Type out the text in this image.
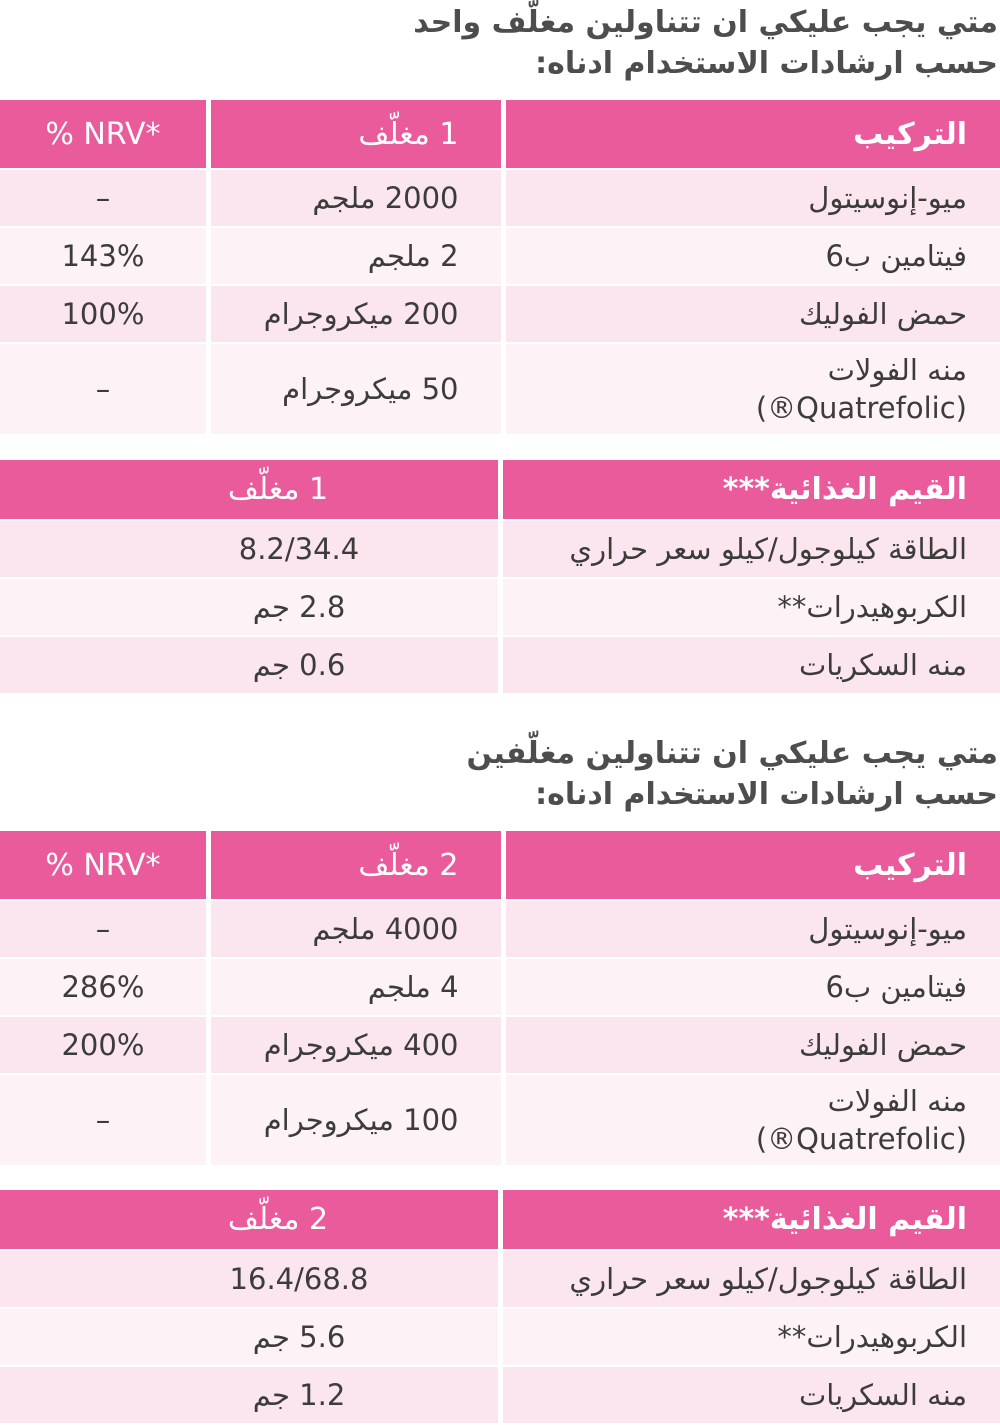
متي يجب عليكي ان تتناولين مغلّف واحد
حسب ارشادات الاستخدام ادناه:
التركيب
1 مغلّف
% NRV*
ميو-إنوسيتول
2000 ملجم
–
فيتامين ب6
2 ملجم
143%
حمض الفوليك
200 ميكروجرام
100%
منه الفولات
(Quatrefolic®)
50 ميكروجرام
–
القيم الغذائية***
1 مغلّف
الطاقة كيلوجول/كيلو سعر حراري
8.2/34.4
الكربوهيدرات**
2.8 جم
منه السكريات
0.6 جم
متي يجب عليكي ان تتناولين مغلّفين
حسب ارشادات الاستخدام ادناه:
التركيب
2 مغلّف
% NRV*
ميو-إنوسيتول
4000 ملجم
–
فيتامين ب6
4 ملجم
286%
حمض الفوليك
400 ميكروجرام
200%
منه الفولات
(Quatrefolic®)
100 ميكروجرام
–
القيم الغذائية***
2 مغلّف
الطاقة كيلوجول/كيلو سعر حراري
16.4/68.8
الكربوهيدرات**
5.6 جم
منه السكريات
1.2 جم
